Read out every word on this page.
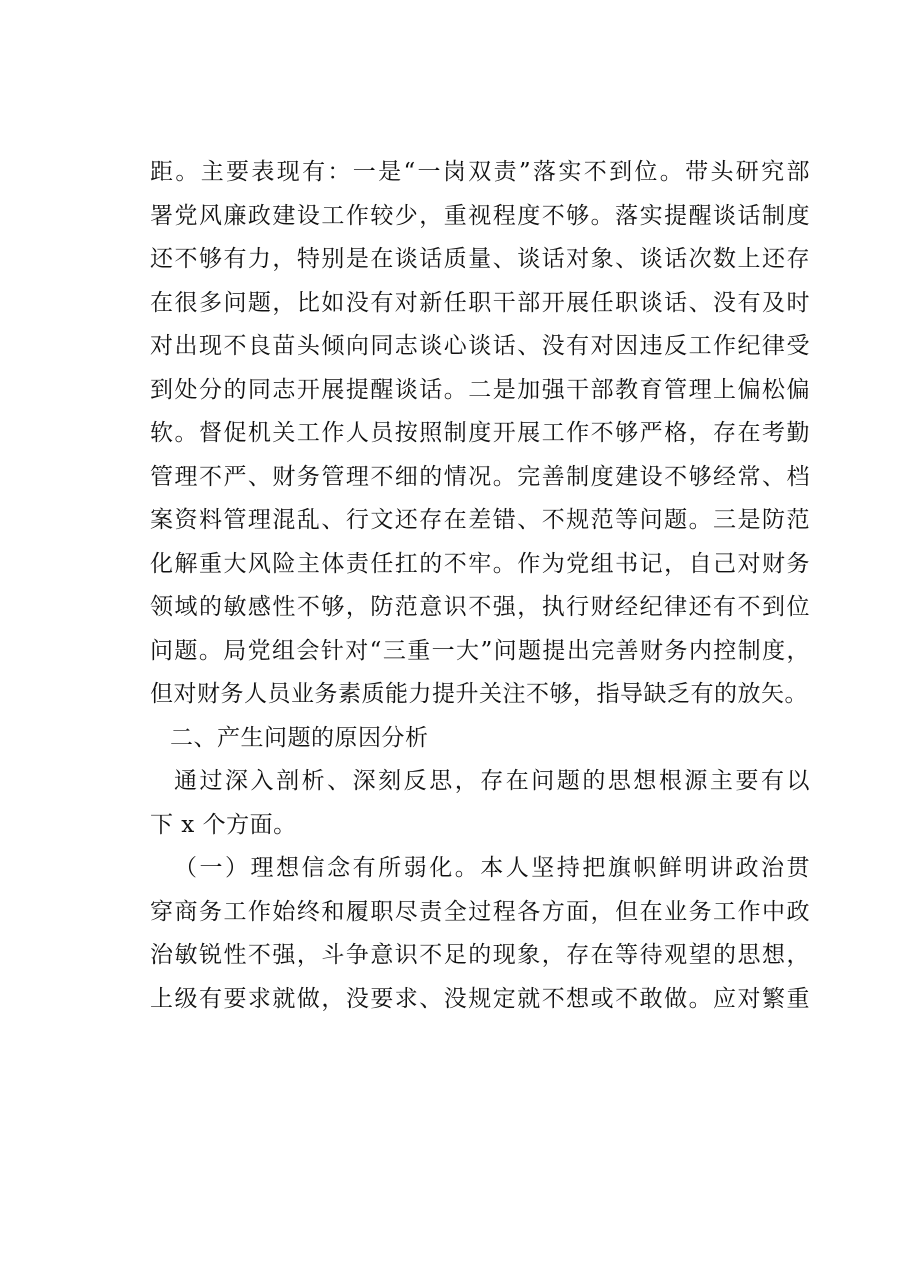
距。主要表现有：一是“一岗双责”落实不到位。带头研究部
署党风廉政建设工作较少，重视程度不够。落实提醒谈话制度
还不够有力，特别是在谈话质量、谈话对象、谈话次数上还存
在很多问题，比如没有对新任职干部开展任职谈话、没有及时
对出现不良苗头倾向同志谈心谈话、没有对因违反工作纪律受
到处分的同志开展提醒谈话。二是加强干部教育管理上偏松偏
软。督促机关工作人员按照制度开展工作不够严格，存在考勤
管理不严、财务管理不细的情况。完善制度建设不够经常、档
案资料管理混乱、行文还存在差错、不规范等问题。三是防范
化解重大风险主体责任扛的不牢。作为党组书记，自己对财务
领域的敏感性不够，防范意识不强，执行财经纪律还有不到位
问题。局党组会针对“三重一大”问题提出完善财务内控制度，
但对财务人员业务素质能力提升关注不够，指导缺乏有的放矢。
二、产生问题的原因分析
通过深入剖析、深刻反思，存在问题的思想根源主要有以
下 x 个方面。
（一）理想信念有所弱化。本人坚持把旗帜鲜明讲政治贯
穿商务工作始终和履职尽责全过程各方面，但在业务工作中政
治敏锐性不强，斗争意识不足的现象，存在等待观望的思想，
上级有要求就做，没要求、没规定就不想或不敢做。应对繁重
